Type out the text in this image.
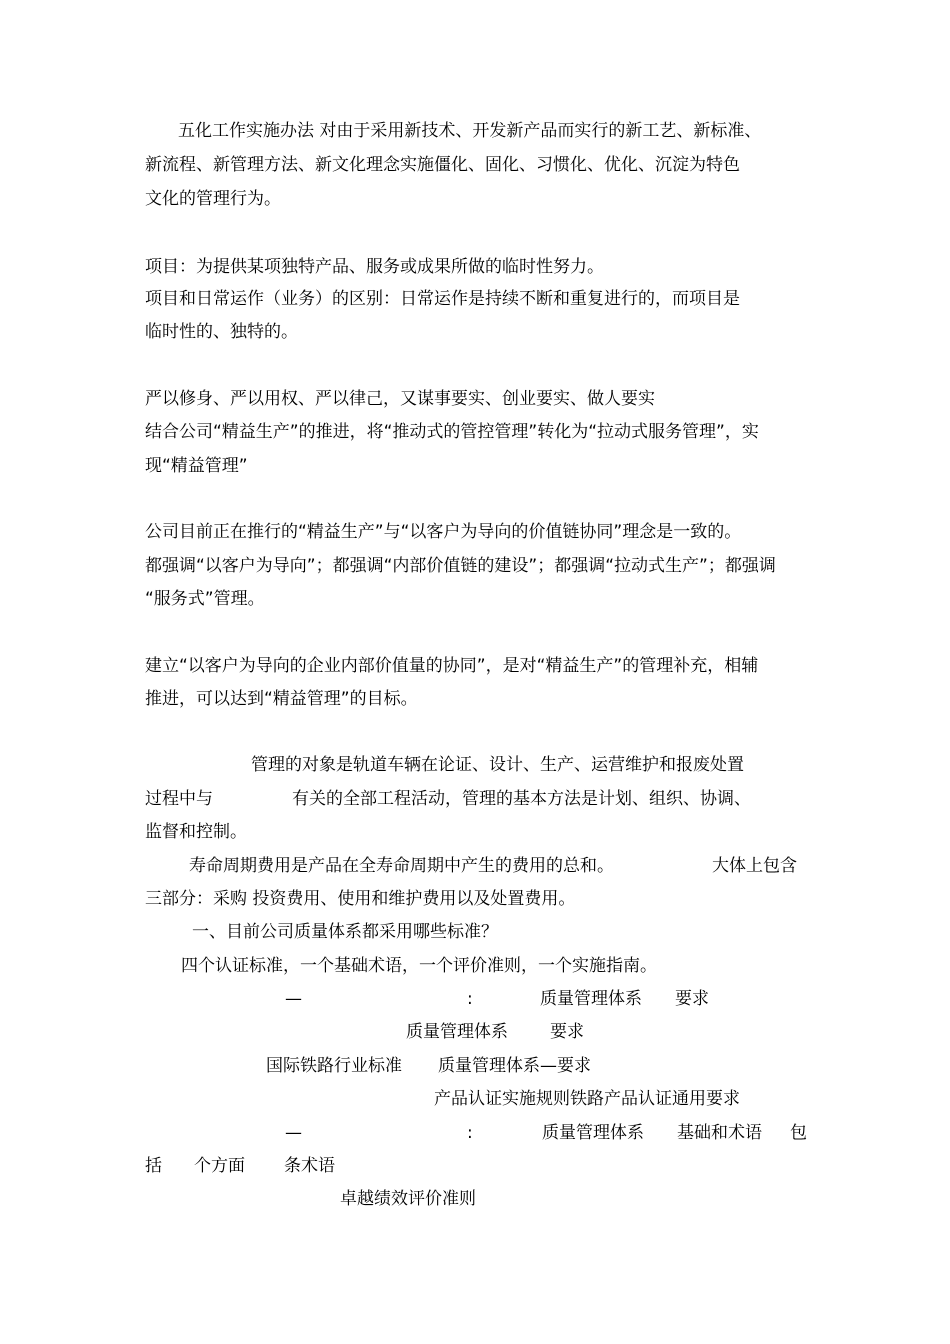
五化工作实施办法 对由于采用新技术、开发新产品而实行的新工艺、新标准、
新流程、新管理方法、新文化理念实施僵化、固化、习惯化、优化、沉淀为特色
文化的管理行为。
项目：为提供某项独特产品、服务或成果所做的临时性努力。
项目和日常运作（业务）的区别：日常运作是持续不断和重复进行的，而项目是
临时性的、独特的。
严以修身、严以用权、严以律己，又谋事要实、创业要实、做人要实
结合公司“精益生产”的推进，将“推动式的管控管理”转化为“拉动式服务管理”，实
现“精益管理”
公司目前正在推行的“精益生产”与“以客户为导向的价值链协同”理念是一致的。
都强调“以客户为导向”；都强调“内部价值链的建设”；都强调“拉动式生产”；都强调
“服务式”管理。
建立“以客户为导向的企业内部价值量的协同”，是对“精益生产”的管理补充，相辅
推进，可以达到“精益管理”的目标。
管理的对象是轨道车辆在论证、设计、生产、运营维护和报废处置
过程中与	有关的全部工程活动，管理的基本方法是计划、组织、协调、
监督和控制。
寿命周期费用是产品在全寿命周期中产生的费用的总和。	大体上包含
三部分：采购 投资费用、使用和维护费用以及处置费用。
一、目前公司质量体系都采用哪些标准？
四个认证标准，一个基础术语，一个评价准则，一个实施指南。
—	:	质量管理体系 要求
质量管理体系 要求
国际铁路行业标准 质量管理体系—要求
产品认证实施规则铁路产品认证通用要求
—	:	质量管理体系 基础和术语 包
括 个方面 条术语
卓越绩效评价准则
